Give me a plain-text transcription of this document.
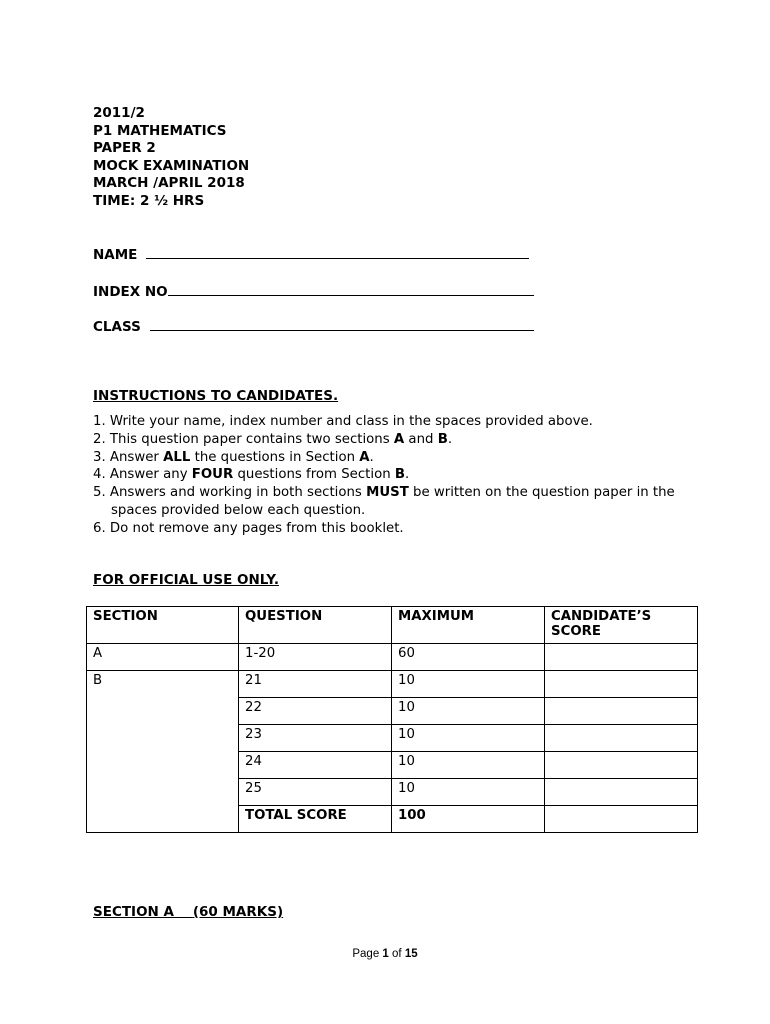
2011/2
P1 MATHEMATICS
PAPER 2
MOCK EXAMINATION
MARCH /APRIL 2018
TIME: 2 ½ HRS
NAME
INDEX NO
CLASS
INSTRUCTIONS TO CANDIDATES.
1. Write your name, index number and class in the spaces provided above.
2. This question paper contains two sections A and B.
3. Answer ALL the questions in Section A.
4. Answer any FOUR questions from Section B.
5. Answers and working in both sections MUST be written on the question paper in the spaces provided below each question.
6. Do not remove any pages from this booklet.
FOR OFFICIAL USE ONLY.
SECTION	QUESTION	MAXIMUM	CANDIDATE’S SCORE
A	1-20	60	
B	21	10	
	22	10	
	23	10	
	24	10	
	25	10	
	TOTAL SCORE	100	
SECTION A (60 MARKS)
Page 1 of 15
